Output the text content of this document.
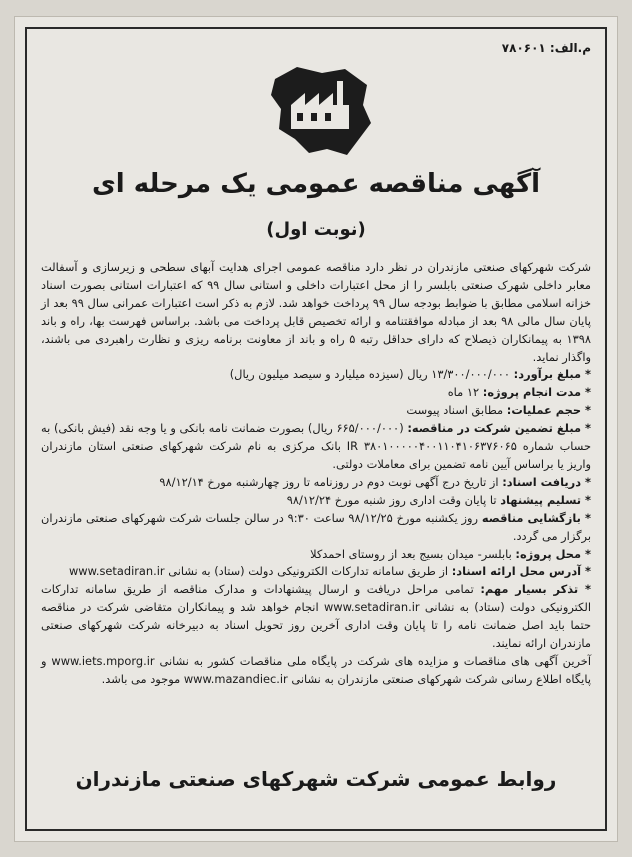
م.الف: ۷۸۰۶۰۱
آگهی مناقصه عمومی یک مرحله ای
(نوبت اول)

شرکت شهرکهای صنعتی مازندران در نظر دارد مناقصه عمومی اجرای هدایت آبهای سطحی و زیرسازی و آسفالت معابر داخلی شهرک صنعتی بابلسر را از محل اعتبارات داخلی و استانی سال ۹۹ که اعتبارات استانی بصورت اسناد خزانه اسلامی مطابق با ضوابط بودجه سال ۹۹ پرداخت خواهد شد. لازم به ذکر است اعتبارات عمرانی سال ۹۹ بعد از پایان سال مالی ۹۸ بعد از مبادله موافقتنامه و ارائه تخصیص قابل پرداخت می باشد. براساس فهرست بها، راه و باند ۱۳۹۸ به پیمانکاران ذیصلاح که دارای حداقل رتبه ۵ راه و باند از معاونت برنامه ریزی و نظارت راهبردی می باشند، واگذار نماید.

* مبلغ برآورد: ۱۳/۳۰۰/۰۰۰/۰۰۰ ریال (سیزده میلیارد و سیصد میلیون ریال)

* مدت انجام پروژه: ۱۲ ماه

* حجم عملیات: مطابق اسناد پیوست

* مبلغ تضمین شرکت در مناقصه: (۶۶۵/۰۰۰/۰۰۰ ریال) بصورت ضمانت نامه بانکی و یا وجه نقد (فیش بانکی) به حساب شماره IR ۳۸۰۱۰۰۰۰۰۴۰۰۱۱۰۴۱۰۶۳۷۶۰۶۵ بانک مرکزی به نام شرکت شهرکهای صنعتی استان مازندران واریز یا براساس آیین نامه تضمین برای معاملات دولتی.

* دریافت اسناد: از تاریخ درج آگهی نوبت دوم در روزنامه تا روز چهارشنبه مورخ ۹۸/۱۲/۱۴

* تسلیم پیشنهاد تا پایان وقت اداری روز شنبه مورخ ۹۸/۱۲/۲۴

* بازگشایی مناقصه روز یکشنبه مورخ ۹۸/۱۲/۲۵ ساعت ۹:۳۰ در سالن جلسات شرکت شهرکهای صنعتی مازندران برگزار می گردد.

* محل پروژه: بابلسر- میدان بسیج بعد از روستای احمدکلا

* آدرس محل ارائه اسناد: از طریق سامانه تدارکات الکترونیکی دولت (ستاد) به نشانی www.setadiran.ir

* تذکر بسیار مهم: تمامی مراحل دریافت و ارسال پیشنهادات و مدارک مناقصه از طریق سامانه تدارکات الکترونیکی دولت (ستاد) به نشانی www.setadiran.ir انجام خواهد شد و پیمانکاران متقاضی شرکت در مناقصه حتما باید اصل ضمانت نامه را تا پایان وقت اداری آخرین روز تحویل اسناد به دبیرخانه شرکت شهرکهای صنعتی مازندران ارائه نمایند.

آخرین آگهی های مناقصات و مزایده های شرکت در پایگاه ملی مناقصات کشور به نشانی www.iets.mporg.ir و پایگاه اطلاع رسانی شرکت شهرکهای صنعتی مازندران به نشانی www.mazandiec.ir موجود می باشد.

روابط عمومی شرکت شهرکهای صنعتی مازندران
